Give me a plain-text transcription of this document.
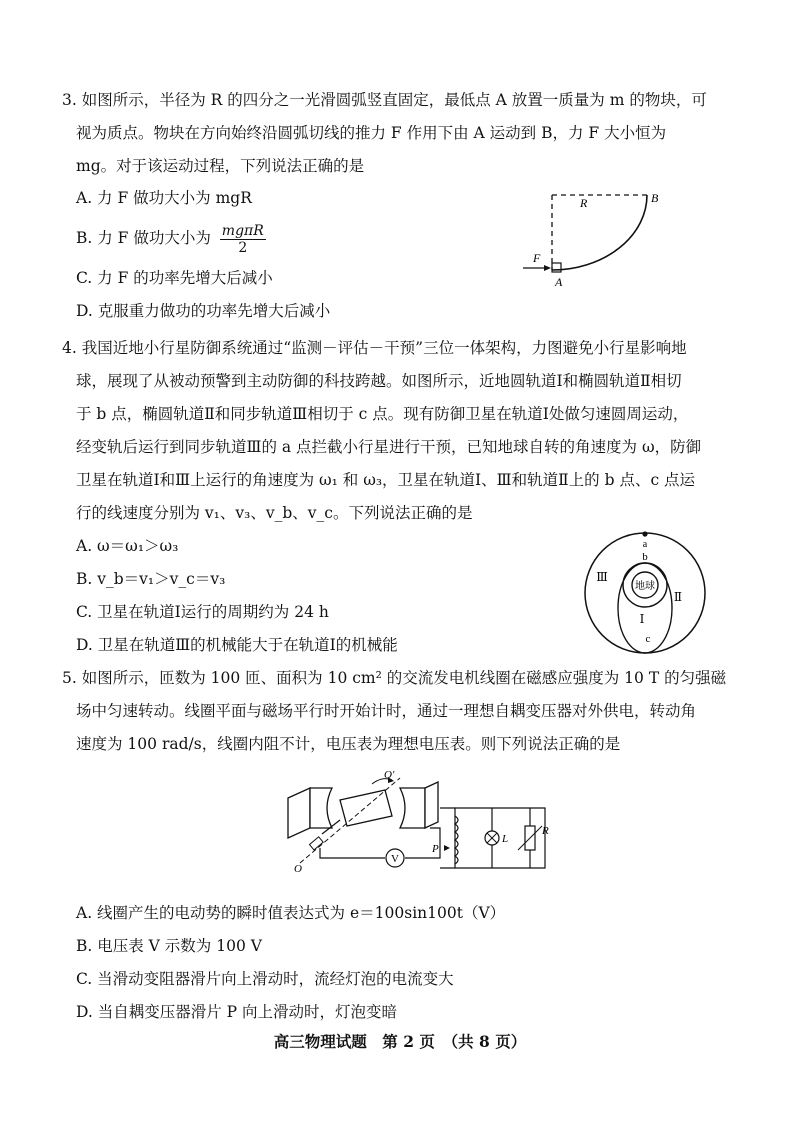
3. 如图所示，半径为 R 的四分之一光滑圆弧竖直固定，最低点 A 放置一质量为 m 的物块，可
视为质点。物块在方向始终沿圆弧切线的推力 F 作用下由 A 运动到 B，力 F 大小恒为
mg。对于该运动过程，下列说法正确的是
A. 力 F 做功大小为 mgR
B. 力 F 做功大小为 $\frac{\text{mgπR}}{2}$
C. 力 F 的功率先增大后减小
D. 克服重力做功的功率先增大后减小
R	B
A
F
4. 我国近地小行星防御系统通过“监测－评估－干预”三位一体架构，力图避免小行星影响地
球，展现了从被动预警到主动防御的科技跨越。如图所示，近地圆轨道Ⅰ和椭圆轨道Ⅱ相切
于 b 点，椭圆轨道Ⅱ和同步轨道Ⅲ相切于 c 点。现有防御卫星在轨道Ⅰ处做匀速圆周运动，
经变轨后运行到同步轨道Ⅲ的 a 点拦截小行星进行干预，已知地球自转的角速度为 ω，防御
卫星在轨道Ⅰ和Ⅲ上运行的角速度为 ω₁ 和 ω₃，卫星在轨道Ⅰ、Ⅲ和轨道Ⅱ上的 b 点、c 点运
行的线速度分别为 v₁、v₃、v_b、v_c。下列说法正确的是
A. ω＝ω₁＞ω₃
B. v_b＝v₁＞v_c＝v₃
C. 卫星在轨道Ⅰ运行的周期约为 24 h
D. 卫星在轨道Ⅲ的机械能大于在轨道Ⅰ的机械能
地球
a
b
c
Ⅰ
Ⅱ
Ⅲ
5. 如图所示，匝数为 100 匝、面积为 10 cm² 的交流发电机线圈在磁感应强度为 10 T 的匀强磁
场中匀速转动。线圈平面与磁场平行时开始计时，通过一理想自耦变压器对外供电，转动角
速度为 100 rad/s，线圈内阻不计，电压表为理想电压表。则下列说法正确的是
V
P
L
R
O′
O
A. 线圈产生的电动势的瞬时值表达式为 e＝100sin100t（V）
B. 电压表 V 示数为 100 V
C. 当滑动变阻器滑片向上滑动时，流经灯泡的电流变大
D. 当自耦变压器滑片 P 向上滑动时，灯泡变暗
高三物理试题　第 2 页　（共 8 页）
